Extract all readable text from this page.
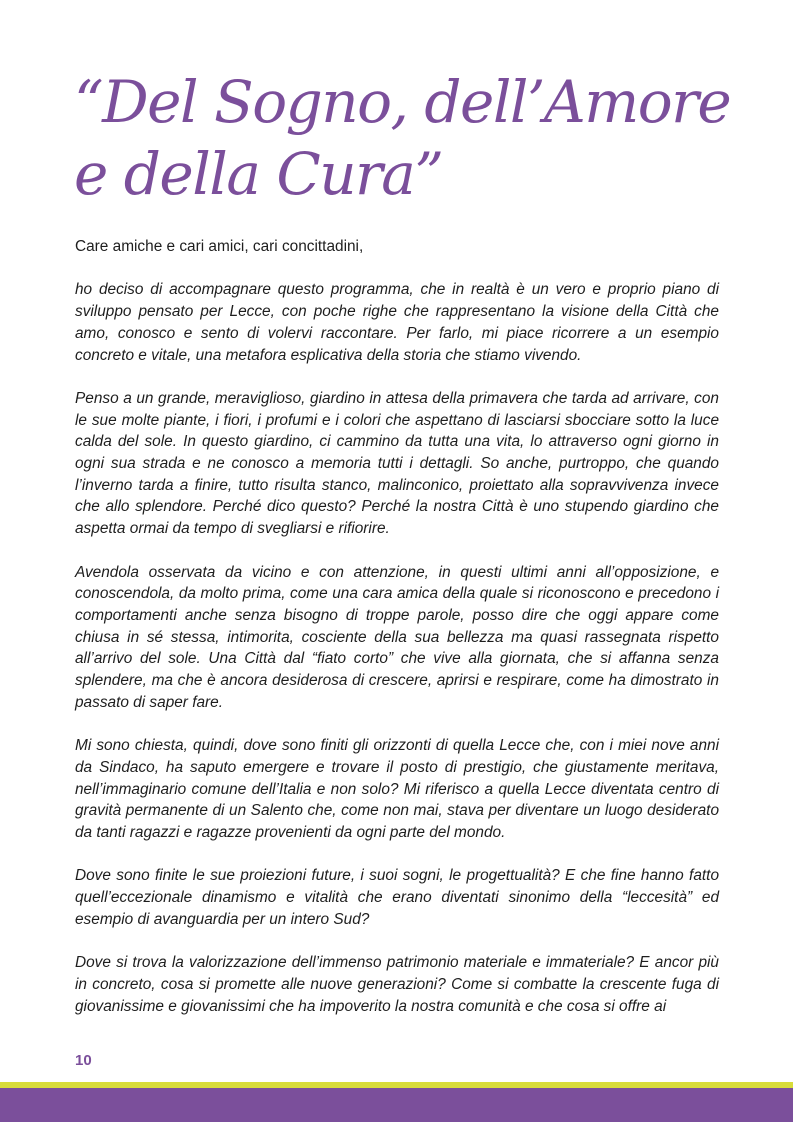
“Del Sogno, dell’Amore
e della Cura”

Care amiche e cari amici, cari concittadini,

ho deciso di accompagnare questo programma, che in realtà è un vero e proprio piano di sviluppo pensato per Lecce, con poche righe che rappresentano la visione della Città che amo, conosco e sento di volervi raccontare. Per farlo, mi piace ricorrere a un esempio concreto e vitale, una metafora esplicativa della storia che stiamo vivendo.

Penso a un grande, meraviglioso, giardino in attesa della primavera che tarda ad arrivare, con le sue molte piante, i fiori, i profumi e i colori che aspettano di lasciarsi sbocciare sotto la luce calda del sole. In questo giardino, ci cammino da tutta una vita, lo attraverso ogni giorno in ogni sua strada e ne conosco a memoria tutti i dettagli. So anche, purtroppo, che quando l’inverno tarda a finire, tutto risulta stanco, malinconico, proiettato alla sopravvivenza invece che allo splendore. Perché dico questo? Perché la nostra Città è uno stupendo giardino che aspetta ormai da tempo di svegliarsi e rifiorire.

Avendola osservata da vicino e con attenzione, in questi ultimi anni all’opposizione, e conoscendola, da molto prima, come una cara amica della quale si riconoscono e precedono i comportamenti anche senza bisogno di troppe parole, posso dire che oggi appare come chiusa in sé stessa, intimorita, cosciente della sua bellezza ma quasi rassegnata rispetto all’arrivo del sole. Una Città dal “fiato corto” che vive alla giornata, che si affanna senza splendere, ma che è ancora desiderosa di crescere, aprirsi e respirare, come ha dimostrato in passato di saper fare.

Mi sono chiesta, quindi, dove sono finiti gli orizzonti di quella Lecce che, con i miei nove anni da Sindaco, ha saputo emergere e trovare il posto di prestigio, che giustamente meritava, nell’immaginario comune dell’Italia e non solo? Mi riferisco a quella Lecce diventata centro di gravità permanente di un Salento che, come non mai, stava per diventare un luogo desiderato da tanti ragazzi e ragazze provenienti da ogni parte del mondo.

Dove sono finite le sue proiezioni future, i suoi sogni, le progettualità? E che fine hanno fatto quell’eccezionale dinamismo e vitalità che erano diventati sinonimo della “leccesità” ed esempio di avanguardia per un intero Sud?

Dove si trova la valorizzazione dell’immenso patrimonio materiale e immateriale? E ancor più in concreto, cosa si promette alle nuove generazioni? Come si combatte la crescente fuga di giovanissime e giovanissimi che ha impoverito la nostra comunità e che cosa si offre ai

10
